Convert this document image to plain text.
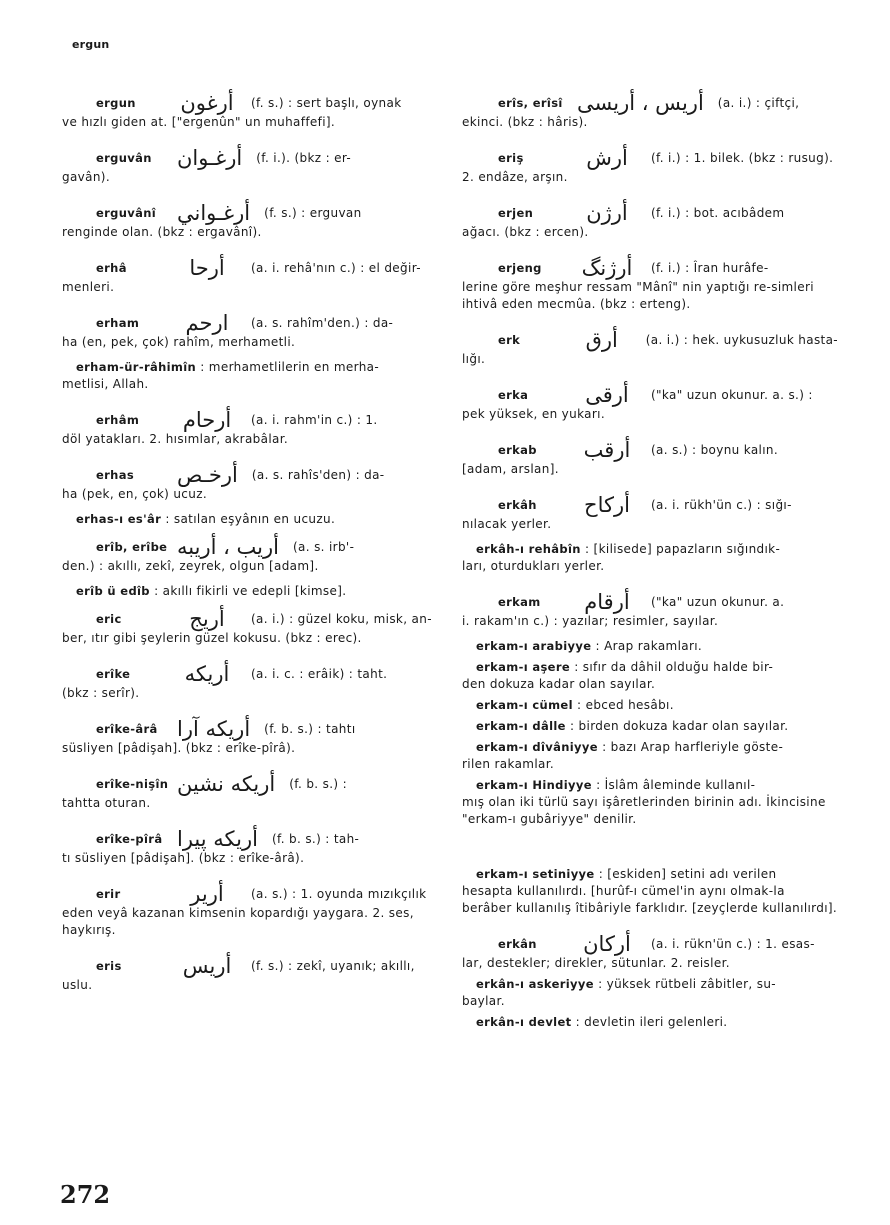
ergun
ergun	أرغون (f. s.) : sert başlı, oynak
ve hızlı giden at. ["ergenûn" un muhaffefi].
erguvân	أرغـوان (f. i.). (bkz : er-
gavân).
erguvânî أرغـواني (f. s.) : erguvan
renginde olan. (bkz : ergavânî).
erhâ	أرحا	(a. i. rehâ'nın c.) : el değir-
menleri.
erham	ارحم	(a. s. rahîm'den.) : da-
ha (en, pek, çok) rahîm, merhametli.
erham-ür-râhimîn : merhametlilerin en merha-
metlisi, Allah.
erhâm	أرحام	(a. i. rahm'in c.) : 1.
döl yatakları. 2. hısımlar, akrabâlar.
erhas	أرخـص (a. s. rahîs'den) : da-
ha (pek, en, çok) ucuz.
erhas-ı es'âr : satılan eşyânın en ucuzu.
erîb, erîbe أريب ، أريبه (a. s. irb'-
den.) : akıllı, zekî, zeyrek, olgun [adam].
erîb ü edîb : akıllı fikirli ve edepli [kimse].
eric	أريج	(a. i.) : güzel koku, misk, an-
ber, ıtır gibi şeylerin güzel kokusu. (bkz : erec).
erîke	أريكه	(a. i. c. : erâik) : taht.
(bkz : serîr).
erîke-ârâ أريكه آرا (f. b. s.) : tahtı
süsliyen [pâdişah]. (bkz : erîke-pîrâ).
erîke-nişîn أريكه نشين (f. b. s.) :
tahtta oturan.
erîke-pîrâ أريكه پيرا (f. b. s.) : tah-
tı süsliyen [pâdişah]. (bkz : erîke-ârâ).
erir	أرير	(a. s.) : 1. oyunda mızıkçılık
eden veyâ kazanan kimsenin kopardığı yaygara. 2. ses, haykırış.
eris	أريس	(f. s.) : zekî, uyanık; akıllı,
uslu.
erîs, erîsî أريس ، أريسى (a. i.) : çiftçi,
ekinci. (bkz : hâris).
eriş	أرش	(f. i.) : 1. bilek. (bkz : rusug).
2. endâze, arşın.
erjen	أرژن	(f. i.) : bot. acıbâdem
ağacı. (bkz : ercen).
erjeng	أرژنگ	(f. i.) : Îran hurâfe-
lerine göre meşhur ressam "Mânî" nin yaptığı re-simleri ihtivâ eden mecmûa. (bkz : erteng).
erk	أرق	(a. i.) : hek. uykusuzluk hasta-
lığı.
erka	أرقى	("ka" uzun okunur. a. s.) :
pek yüksek, en yukarı.
erkab	أرقب	(a. s.) : boynu kalın.
[adam, arslan].
erkâh	أركاح	(a. i. rükh'ün c.) : sığı-
nılacak yerler.
erkâh-ı rehâbîn : [kilisede] papazların sığındık-
ları, oturdukları yerler.
erkam	أرقام	("ka" uzun okunur. a.
i. rakam'ın c.) : yazılar; resimler, sayılar.
erkam-ı arabiyye : Arap rakamları.
erkam-ı aşere : sıfır da dâhil olduğu halde bir-
den dokuza kadar olan sayılar.
erkam-ı cümel : ebced hesâbı.
erkam-ı dâlle : birden dokuza kadar olan sayılar.
erkam-ı dîvâniyye : bazı Arap harfleriyle göste-
rilen rakamlar.
erkam-ı Hindiyye : İslâm âleminde kullanıl-
mış olan iki türlü sayı işâretlerinden birinin adı. İkincisine "erkam-ı gubâriyye" denilir.
erkam-ı setiniyye : [eskiden] setini adı verilen
hesapta kullanılırdı. [hurûf-ı cümel'in aynı olmak-la berâber kullanılış îtibâriyle farklıdır. [zeyçlerde kullanılırdı].
erkân	أركان	(a. i. rükn'ün c.) : 1. esas-
lar, destekler; direkler, sütunlar. 2. reisler.
erkân-ı askeriyye : yüksek rütbeli zâbitler, su-
baylar.
erkân-ı devlet : devletin ileri gelenleri.
272
